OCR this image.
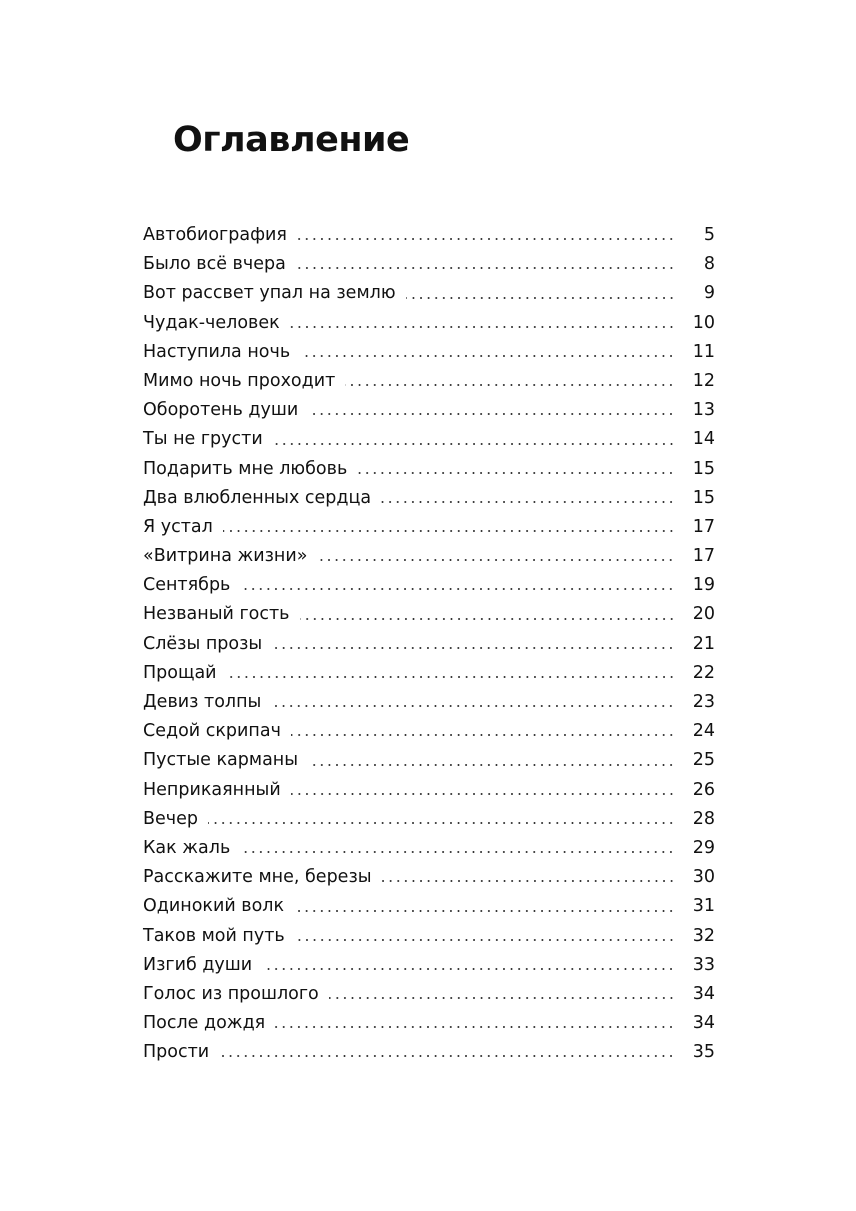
Оглавление
Автобиография	5
Было всё вчера	8
Вот рассвет упал на землю	9
Чудак-человек	10
Наступила ночь	11
Мимо ночь проходит	12
Оборотень души	13
Ты не грусти	14
Подарить мне любовь	15
Два влюбленных сердца	15
Я устал	17
«Витрина жизни»	17
Сентябрь	19
Незваный гость	20
Слёзы прозы	21
Прощай	22
Девиз толпы	23
Седой скрипач	24
Пустые карманы	25
Неприкаянный	26
Вечер	28
Как жаль	29
Расскажите мне, березы	30
Одинокий волк	31
Таков мой путь	32
Изгиб души	33
Голос из прошлого	34
После дождя	34
Прости	35
